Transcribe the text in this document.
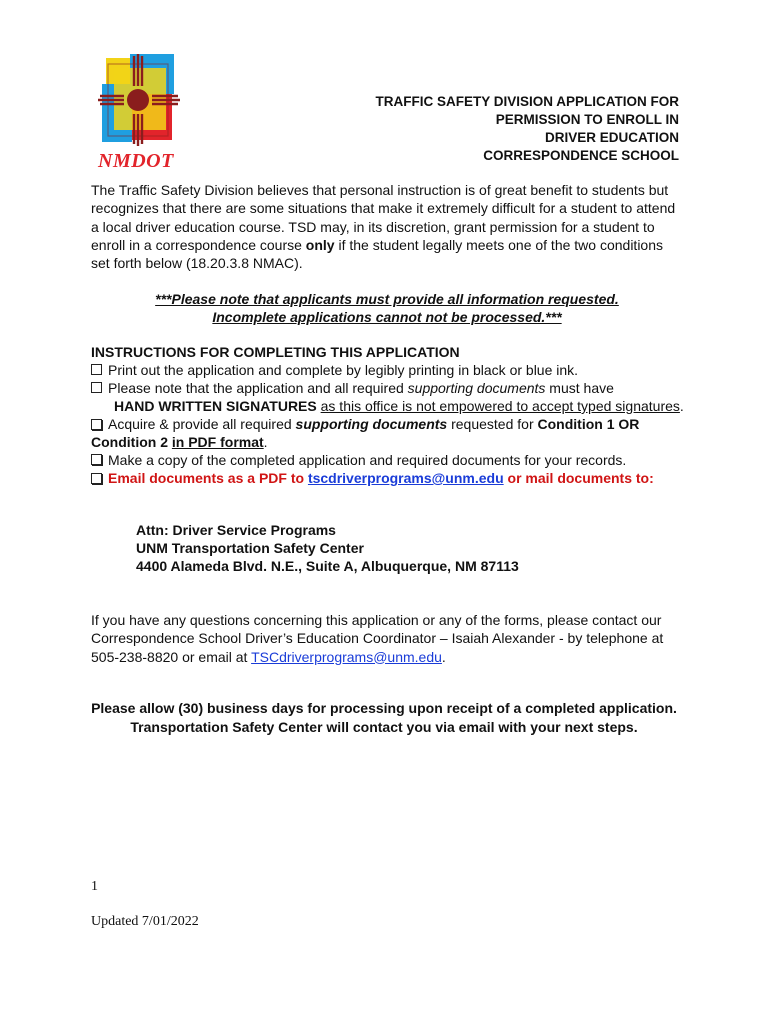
NMDOT
TRAFFIC SAFETY DIVISION APPLICATION FOR
PERMISSION TO ENROLL IN
DRIVER EDUCATION
CORRESPONDENCE SCHOOL
The Traffic Safety Division believes that personal instruction is of great benefit to students but recognizes that there are some situations that make it extremely difficult for a student to attend a local driver education course. TSD may, in its discretion, grant permission for a student to enroll in a correspondence course only if the student legally meets one of the two conditions set forth below (18.20.3.8 NMAC).
***Please note that applicants must provide all information requested.
Incomplete applications cannot not be processed.***
INSTRUCTIONS FOR COMPLETING THIS APPLICATION
Print out the application and complete by legibly printing in black or blue ink.
Please note that the application and all required supporting documents must have
HAND WRITTEN SIGNATURES as this office is not empowered to accept typed signatures.
Acquire & provide all required supporting documents requested for Condition 1 OR Condition 2 in PDF format.
Make a copy of the completed application and required documents for your records.
Email documents as a PDF to tscdriverprograms@unm.edu or mail documents to:
Attn: Driver Service Programs
UNM Transportation Safety Center
4400 Alameda Blvd. N.E., Suite A, Albuquerque, NM 87113
If you have any questions concerning this application or any of the forms, please contact our Correspondence School Driver’s Education Coordinator – Isaiah Alexander - by telephone at 505-238-8820 or email at TSCdriverprograms@unm.edu.
Please allow (30) business days for processing upon receipt of a completed application. Transportation Safety Center will contact you via email with your next steps.
1
Updated 7/01/2022
